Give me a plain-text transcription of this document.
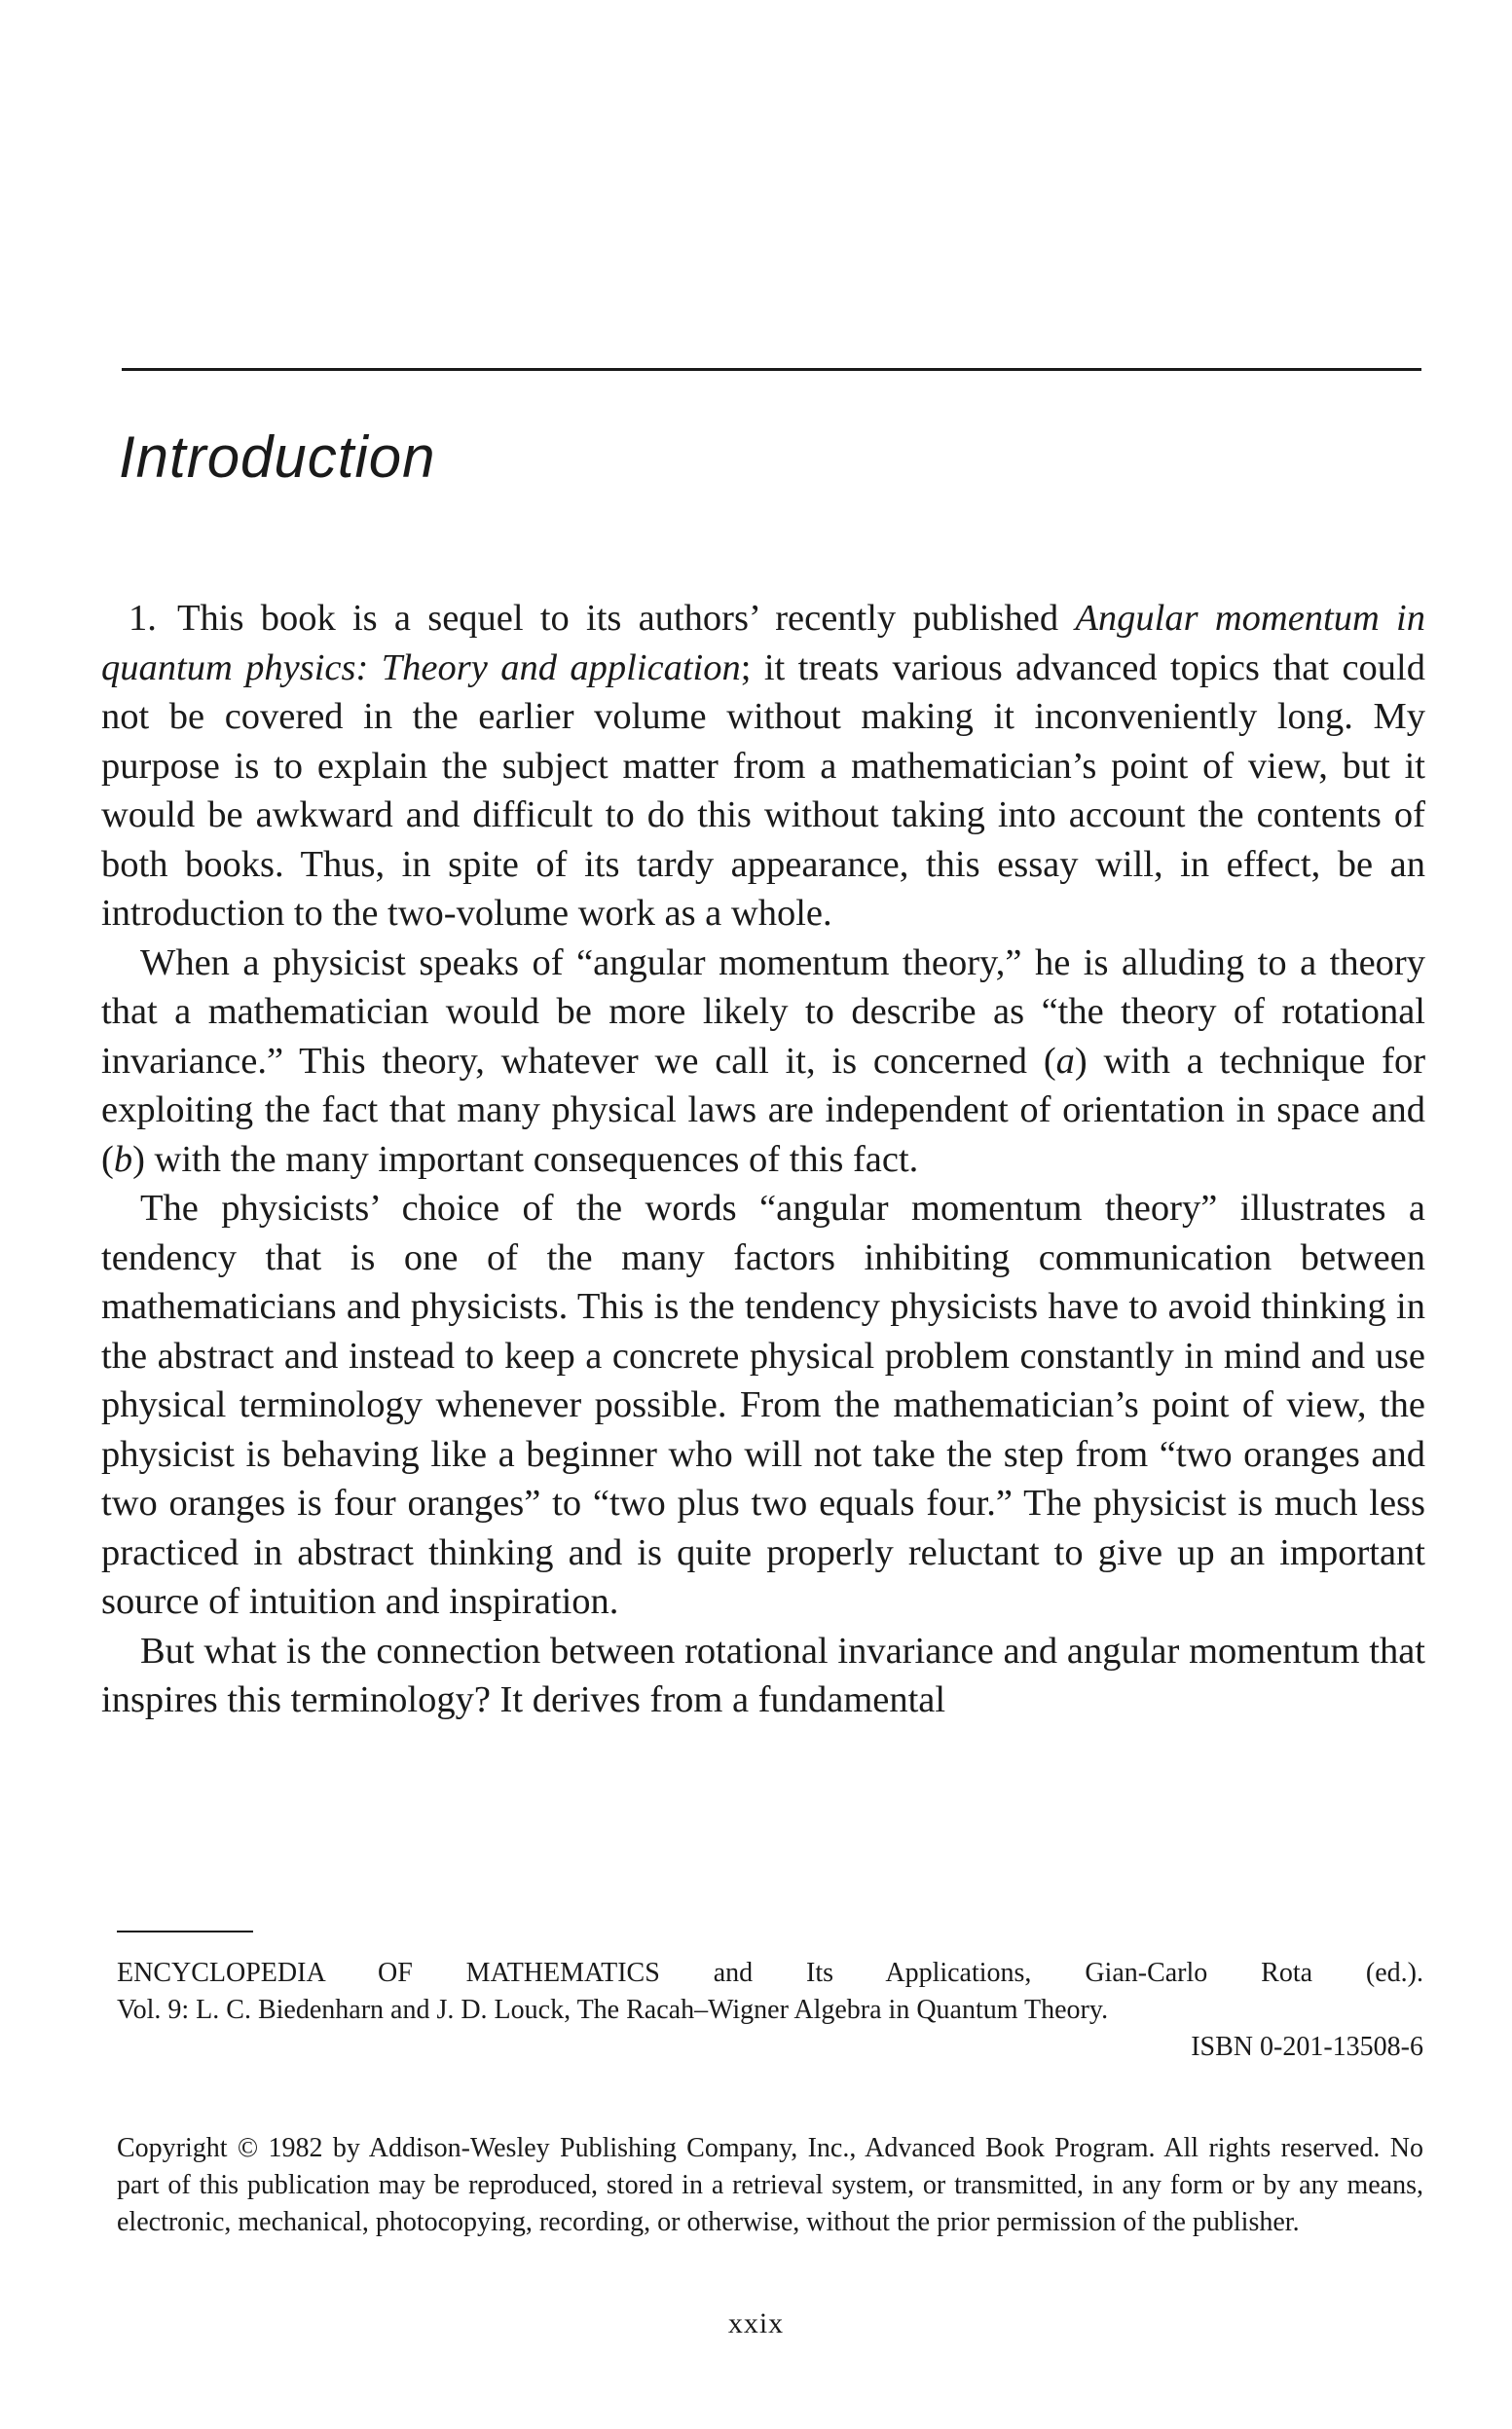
Introduction

1. This book is a sequel to its authors’ recently published Angular momentum in quantum physics: Theory and application; it treats various advanced topics that could not be covered in the earlier volume without making it inconveniently long. My purpose is to explain the subject matter from a mathematician’s point of view, but it would be awkward and difficult to do this without taking into account the contents of both books. Thus, in spite of its tardy appearance, this essay will, in effect, be an introduction to the two-volume work as a whole.

When a physicist speaks of “angular momentum theory,” he is alluding to a theory that a mathematician would be more likely to describe as “the theory of rotational invariance.” This theory, whatever we call it, is concerned (a) with a technique for exploiting the fact that many physical laws are independent of orientation in space and (b) with the many important consequences of this fact.

The physicists’ choice of the words “angular momentum theory” illustrates a tendency that is one of the many factors inhibiting communication between mathematicians and physicists. This is the tendency physicists have to avoid thinking in the abstract and instead to keep a concrete physical problem constantly in mind and use physical terminology whenever possible. From the mathematician’s point of view, the physicist is behaving like a beginner who will not take the step from “two oranges and two oranges is four oranges” to “two plus two equals four.” The physicist is much less practiced in abstract thinking and is quite properly reluctant to give up an important source of intuition and inspiration.

But what is the connection between rotational invariance and angular momentum that inspires this terminology? It derives from a fundamental

ENCYCLOPEDIA OF MATHEMATICS and Its Applications, Gian-Carlo Rota (ed.).

Vol. 9: L. C. Biedenharn and J. D. Louck, The Racah–Wigner Algebra in Quantum Theory.

ISBN 0-201-13508-6

Copyright © 1982 by Addison-Wesley Publishing Company, Inc., Advanced Book Program. All rights reserved. No part of this publication may be reproduced, stored in a retrieval system, or transmitted, in any form or by any means, electronic, mechanical, photocopying, recording, or otherwise, without the prior permission of the publisher.

xxix
